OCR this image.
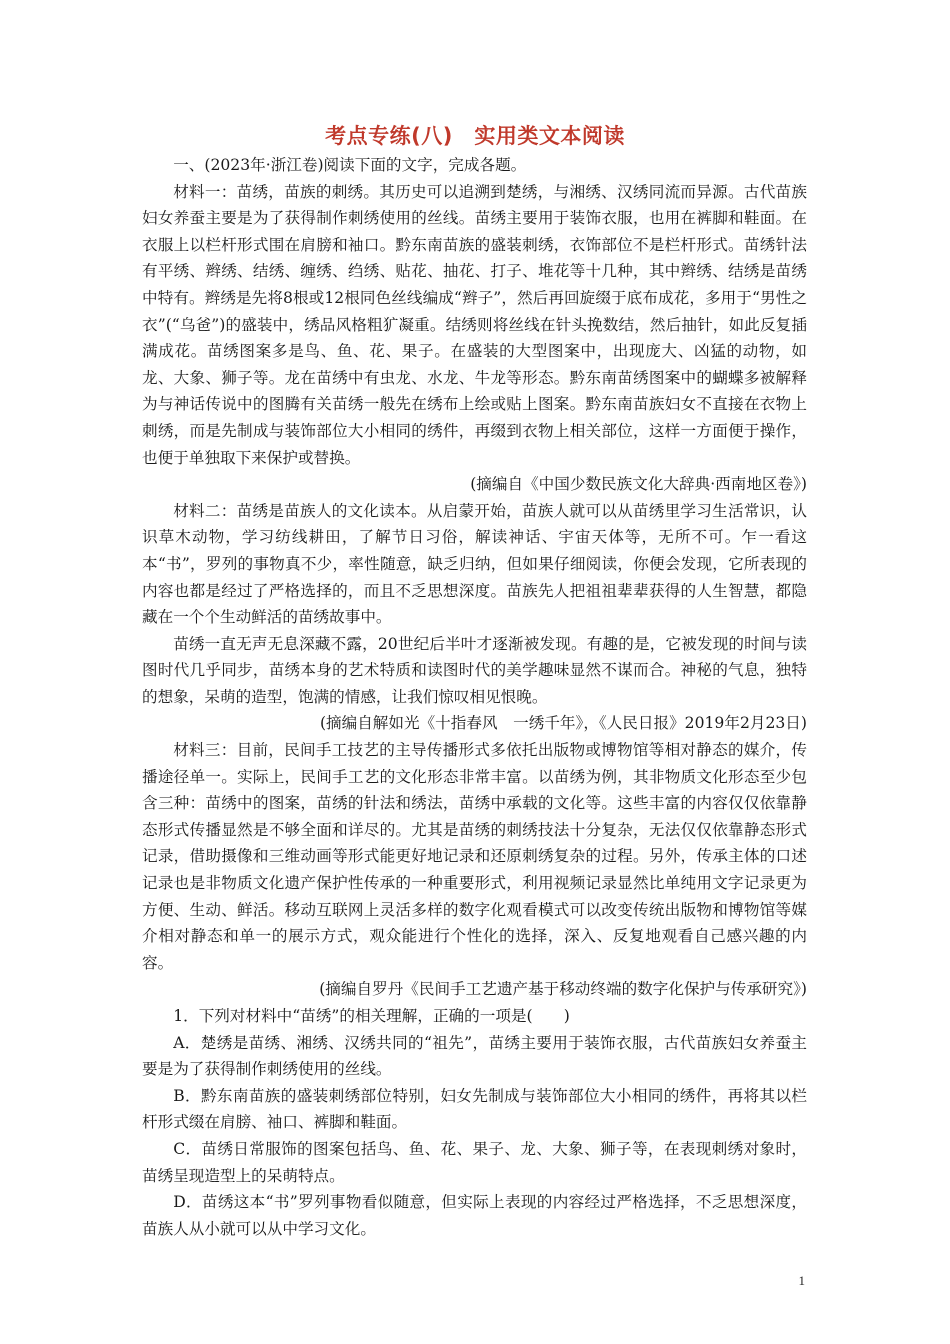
考点专练(八)　实用类文本阅读

一、(2023年·浙江卷)阅读下面的文字，完成各题。

材料一：苗绣，苗族的刺绣。其历史可以追溯到楚绣，与湘绣、汉绣同流而异源。古代苗族妇女养蚕主要是为了获得制作刺绣使用的丝线。苗绣主要用于装饰衣服，也用在裤脚和鞋面。在衣服上以栏杆形式围在肩膀和袖口。黔东南苗族的盛装刺绣，衣饰部位不是栏杆形式。苗绣针法有平绣、辫绣、结绣、缠绣、绉绣、贴花、抽花、打子、堆花等十几种，其中辫绣、结绣是苗绣中特有。辫绣是先将8根或12根同色丝线编成“辫子”，然后再回旋缀于底布成花，多用于“男性之衣”(“乌爸”)的盛装中，绣品风格粗犷凝重。结绣则将丝线在针头挽数结，然后抽针，如此反复插满成花。苗绣图案多是鸟、鱼、花、果子。在盛装的大型图案中，出现庞大、凶猛的动物，如龙、大象、狮子等。龙在苗绣中有虫龙、水龙、牛龙等形态。黔东南苗绣图案中的蝴蝶多被解释为与神话传说中的图腾有关苗绣一般先在绣布上绘或贴上图案。黔东南苗族妇女不直接在衣物上刺绣，而是先制成与装饰部位大小相同的绣件，再缀到衣物上相关部位，这样一方面便于操作，也便于单独取下来保护或替换。

(摘编自《中国少数民族文化大辞典·西南地区卷》)

材料二：苗绣是苗族人的文化读本。从启蒙开始，苗族人就可以从苗绣里学习生活常识，认识草木动物，学习纺线耕田，了解节日习俗，解读神话、宇宙天体等，无所不可。乍一看这本“书”，罗列的事物真不少，率性随意，缺乏归纳，但如果仔细阅读，你便会发现，它所表现的内容也都是经过了严格选择的，而且不乏思想深度。苗族先人把祖祖辈辈获得的人生智慧，都隐藏在一个个生动鲜活的苗绣故事中。

苗绣一直无声无息深藏不露，20世纪后半叶才逐渐被发现。有趣的是，它被发现的时间与读图时代几乎同步，苗绣本身的艺术特质和读图时代的美学趣味显然不谋而合。神秘的气息，独特的想象，呆萌的造型，饱满的情感，让我们惊叹相见恨晚。

(摘编自解如光《十指春风　一绣千年》，《人民日报》2019年2月23日)

材料三：目前，民间手工技艺的主导传播形式多依托出版物或博物馆等相对静态的媒介，传播途径单一。实际上，民间手工艺的文化形态非常丰富。以苗绣为例，其非物质文化形态至少包含三种：苗绣中的图案，苗绣的针法和绣法，苗绣中承载的文化等。这些丰富的内容仅仅依靠静态形式传播显然是不够全面和详尽的。尤其是苗绣的刺绣技法十分复杂，无法仅仅依靠静态形式记录，借助摄像和三维动画等形式能更好地记录和还原刺绣复杂的过程。另外，传承主体的口述记录也是非物质文化遗产保护性传承的一种重要形式，利用视频记录显然比单纯用文字记录更为方便、生动、鲜活。移动互联网上灵活多样的数字化观看模式可以改变传统出版物和博物馆等媒介相对静态和单一的展示方式，观众能进行个性化的选择，深入、反复地观看自己感兴趣的内容。

(摘编自罗丹《民间手工艺遗产基于移动终端的数字化保护与传承研究》)

1．下列对材料中“苗绣”的相关理解，正确的一项是(　　)

A．楚绣是苗绣、湘绣、汉绣共同的“祖先”，苗绣主要用于装饰衣服，古代苗族妇女养蚕主要是为了获得制作刺绣使用的丝线。

B．黔东南苗族的盛装刺绣部位特别，妇女先制成与装饰部位大小相同的绣件，再将其以栏杆形式缀在肩膀、袖口、裤脚和鞋面。

C．苗绣日常服饰的图案包括鸟、鱼、花、果子、龙、大象、狮子等，在表现刺绣对象时，苗绣呈现造型上的呆萌特点。

D．苗绣这本“书”罗列事物看似随意，但实际上表现的内容经过严格选择，不乏思想深度，苗族人从小就可以从中学习文化。

1
